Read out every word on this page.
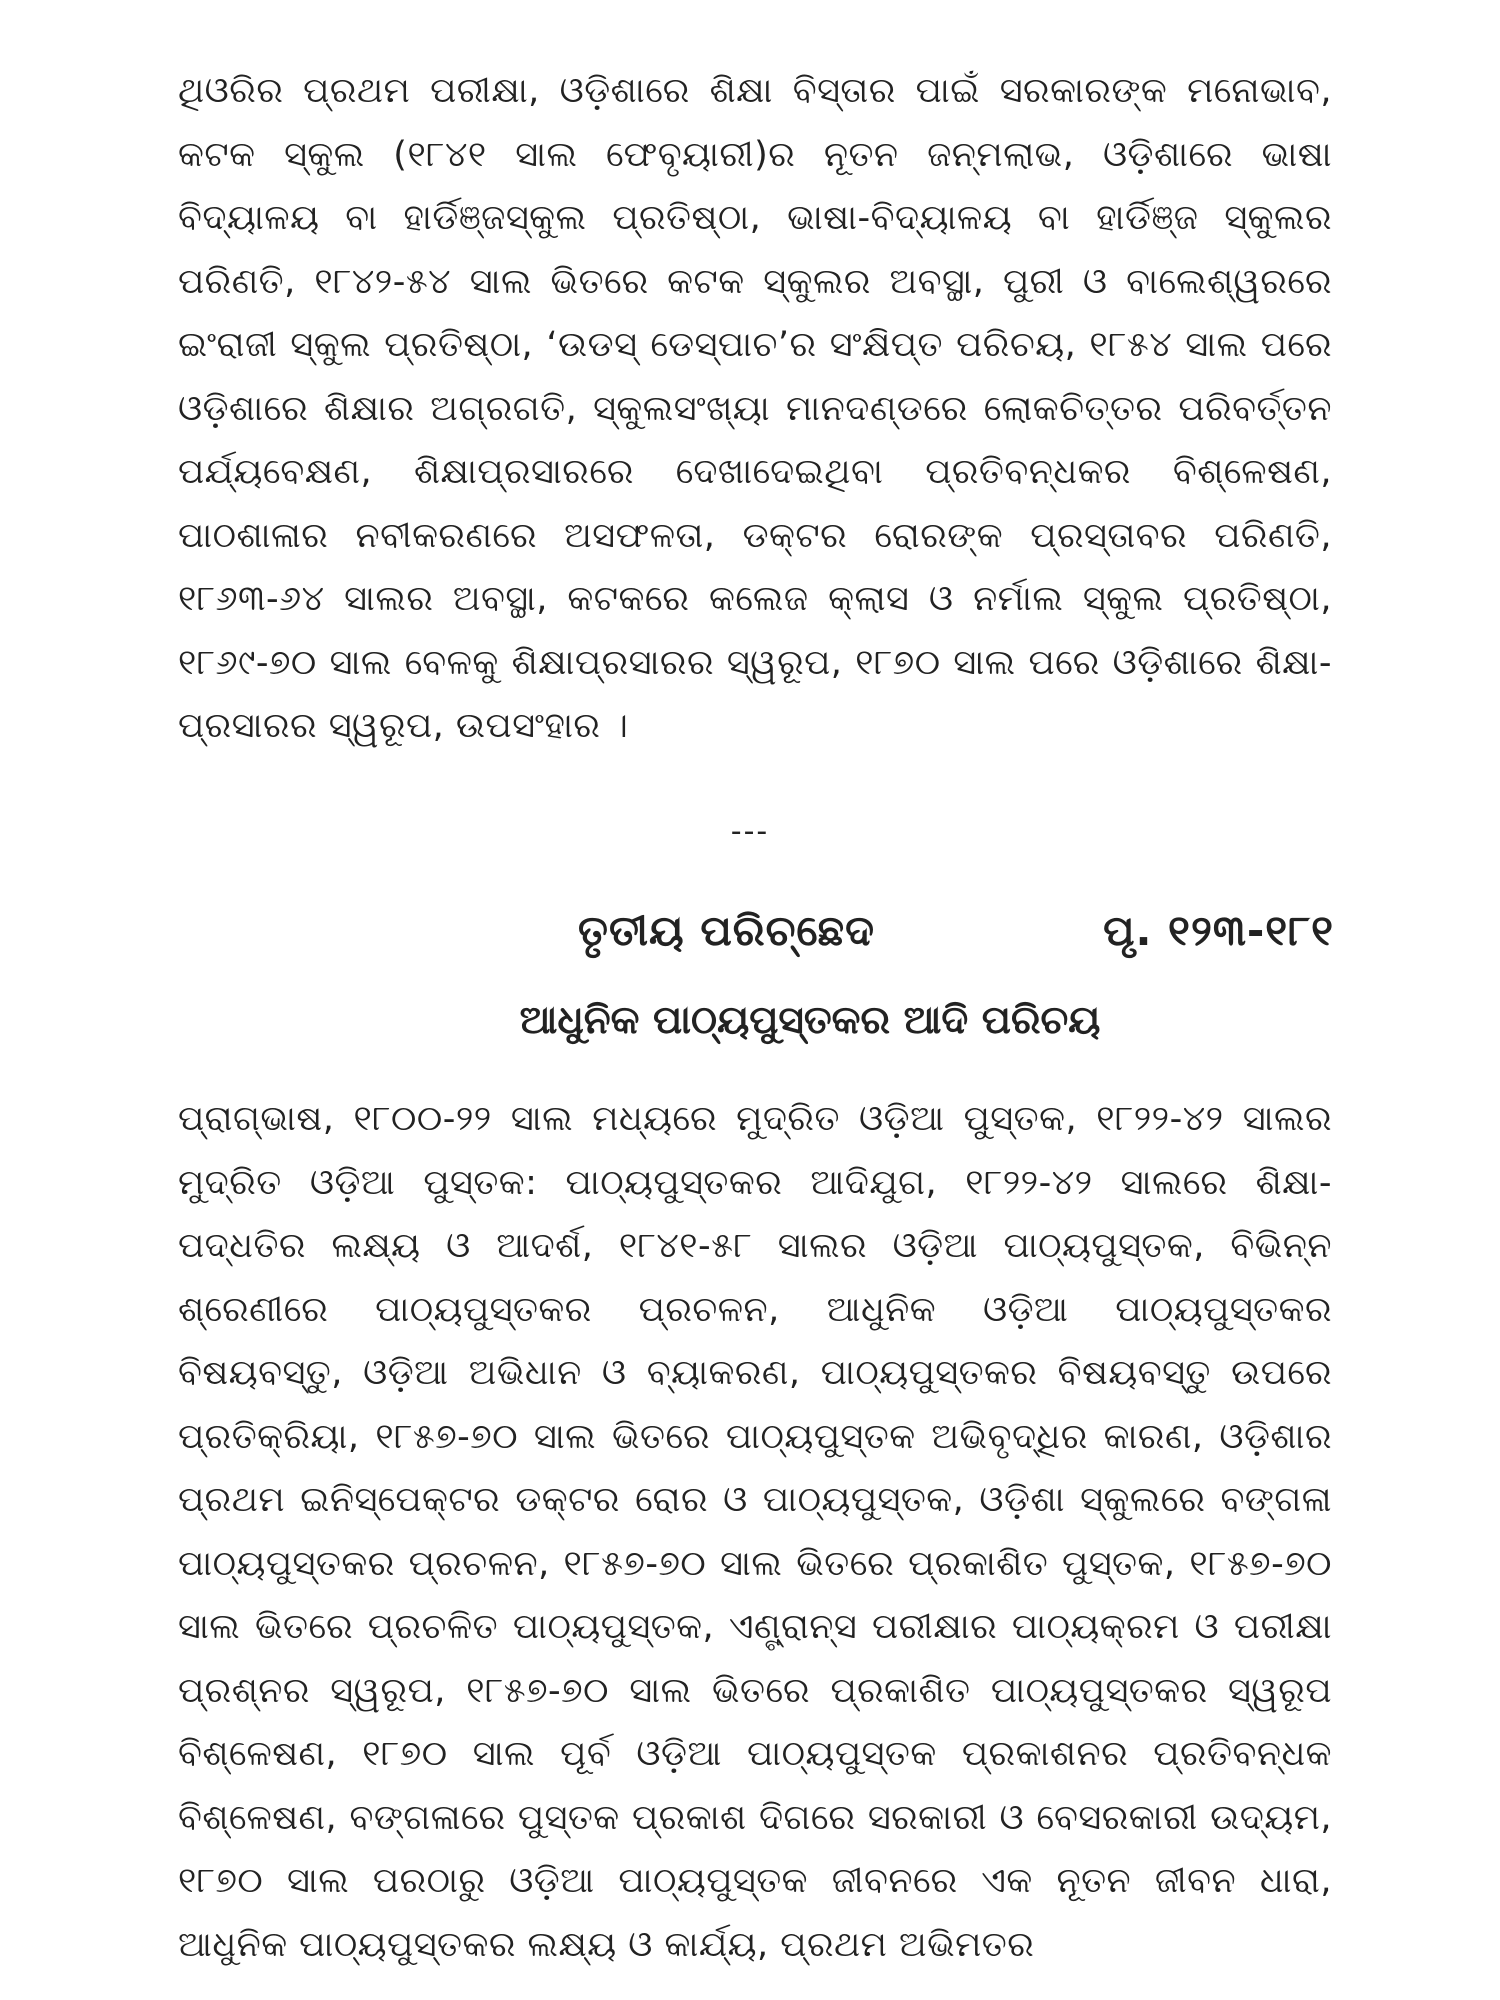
ଥିଓରିର ପ୍ରଥମ ପରୀକ୍ଷା, ଓଡ଼ିଶାରେ ଶିକ୍ଷା ବିସ୍ତାର ପାଇଁ ସରକାରଙ୍କ ମନୋଭାବ, କଟକ ସ୍କୁଲ (୧୮୪୧ ସାଲ ଫେବୃୟାରୀ)ର ନୂତନ ଜନ୍ମଲାଭ, ଓଡ଼ିଶାରେ ଭାଷା ବିଦ୍ୟାଳୟ ବା ହାର୍ଡିଞ୍ଜସ୍କୁଲ ପ୍ରତିଷ୍ଠା, ଭାଷା-ବିଦ୍ୟାଳୟ ବା ହାର୍ଡିଞ୍ଜ ସ୍କୁଲର ପରିଣତି, ୧୮୪୨-୫୪ ସାଲ ଭିତରେ କଟକ ସ୍କୁଲର ଅବସ୍ଥା, ପୁରୀ ଓ ବାଲେଶ୍ୱରରେ ଇଂରାଜୀ ସ୍କୁଲ ପ୍ରତିଷ୍ଠା, ‘ଉଡସ୍ ଡେସ୍‌ପାଚ’ର ସଂକ୍ଷିପ୍ତ ପରିଚୟ, ୧୮୫୪ ସାଲ ପରେ ଓଡ଼ିଶାରେ ଶିକ୍ଷାର ଅଗ୍ରଗତି, ସ୍କୁଲସଂଖ୍ୟା ମାନଦଣ୍ଡରେ ଲୋକଚିତ୍ତର ପରିବର୍ତ୍ତନ ପର୍ଯ୍ୟବେକ୍ଷଣ, ଶିକ୍ଷାପ୍ରସାରରେ ଦେଖାଦେଇଥିବା ପ୍ରତିବନ୍ଧକର ବିଶ୍ଳେଷଣ, ପାଠଶାଳାର ନବୀକରଣରେ ଅସଫଳତା, ଡକ୍ଟର ରୋରଙ୍କ ପ୍ରସ୍ତାବର ପରିଣତି, ୧୮୬୩-୬୪ ସାଲର ଅବସ୍ଥା, କଟକରେ କଲେଜ କ୍ଲାସ ଓ ନର୍ମାଲ ସ୍କୁଲ ପ୍ରତିଷ୍ଠା, ୧୮୬୯-୭୦ ସାଲ ବେଳକୁ ଶିକ୍ଷାପ୍ରସାରର ସ୍ୱରୂପ, ୧୮୭୦ ସାଲ ପରେ ଓଡ଼ିଶାରେ ଶିକ୍ଷା-ପ୍ରସାରର ସ୍ୱରୂପ, ଉପସଂହାର ।

---
ତୃତୀୟ ପରିଚ୍ଛେଦ	ପୃ. ୧୨୩-୧୮୧
ଆଧୁନିକ ପାଠ୍ୟପୁସ୍ତକର ଆଦି ପରିଚୟ

ପ୍ରାଗ୍‌ଭାଷ, ୧୮୦୦-୨୨ ସାଲ ମଧ୍ୟରେ ମୁଦ୍ରିତ ଓଡ଼ିଆ ପୁସ୍ତକ, ୧୮୨୨-୪୨ ସାଲର ମୁଦ୍ରିତ ଓଡ଼ିଆ ପୁସ୍ତକ: ପାଠ୍ୟପୁସ୍ତକର ଆଦିଯୁଗ, ୧୮୨୨-୪୨ ସାଲରେ ଶିକ୍ଷା-ପଦ୍ଧତିର ଲକ୍ଷ୍ୟ ଓ ଆଦର୍ଶ, ୧୮୪୧-୫୮ ସାଲର ଓଡ଼ିଆ ପାଠ୍ୟପୁସ୍ତକ, ବିଭିନ୍ନ ଶ୍ରେଣୀରେ ପାଠ୍ୟପୁସ୍ତକର ପ୍ରଚଳନ, ଆଧୁନିକ ଓଡ଼ିଆ ପାଠ୍ୟପୁସ୍ତକର ବିଷୟବସ୍ତୁ, ଓଡ଼ିଆ ଅଭିଧାନ ଓ ବ୍ୟାକରଣ, ପାଠ୍ୟପୁସ୍ତକର ବିଷୟବସ୍ତୁ ଉପରେ ପ୍ରତିକ୍ରିୟା, ୧୮୫୭-୭୦ ସାଲ ଭିତରେ ପାଠ୍ୟପୁସ୍ତକ ଅଭିବୃଦ୍ଧିର କାରଣ, ଓଡ଼ିଶାର ପ୍ରଥମ ଇନିସ୍‌ପେକ୍ଟର ଡକ୍ଟର ରୋର ଓ ପାଠ୍ୟପୁସ୍ତକ, ଓଡ଼ିଶା ସ୍କୁଲରେ ବଙ୍ଗଳା ପାଠ୍ୟପୁସ୍ତକର ପ୍ରଚଳନ, ୧୮୫୭-୭୦ ସାଲ ଭିତରେ ପ୍ରକାଶିତ ପୁସ୍ତକ, ୧୮୫୭-୭୦ ସାଲ ଭିତରେ ପ୍ରଚଳିତ ପାଠ୍ୟପୁସ୍ତକ, ଏଣ୍ଟ୍ରାନ୍‌ସ ପରୀକ୍ଷାର ପାଠ୍ୟକ୍ରମ ଓ ପରୀକ୍ଷା ପ୍ରଶ୍ନର ସ୍ୱରୂପ, ୧୮୫୭-୭୦ ସାଲ ଭିତରେ ପ୍ରକାଶିତ ପାଠ୍ୟପୁସ୍ତକର ସ୍ୱରୂପ ବିଶ୍ଳେଷଣ, ୧୮୭୦ ସାଲ ପୂର୍ବ ଓଡ଼ିଆ ପାଠ୍ୟପୁସ୍ତକ ପ୍ରକାଶନର ପ୍ରତିବନ୍ଧକ ବିଶ୍ଳେଷଣ, ବଙ୍ଗଳାରେ ପୁସ୍ତକ ପ୍ରକାଶ ଦିଗରେ ସରକାରୀ ଓ ବେସରକାରୀ ଉଦ୍ୟମ, ୧୮୭୦ ସାଲ ପରଠାରୁ ଓଡ଼ିଆ ପାଠ୍ୟପୁସ୍ତକ ଜୀବନରେ ଏକ ନୂତନ ଜୀବନ ଧାରା, ଆଧୁନିକ ପାଠ୍ୟପୁସ୍ତକର ଲକ୍ଷ୍ୟ ଓ କାର୍ଯ୍ୟ, ପ୍ରଥମ ଅଭିମତର
